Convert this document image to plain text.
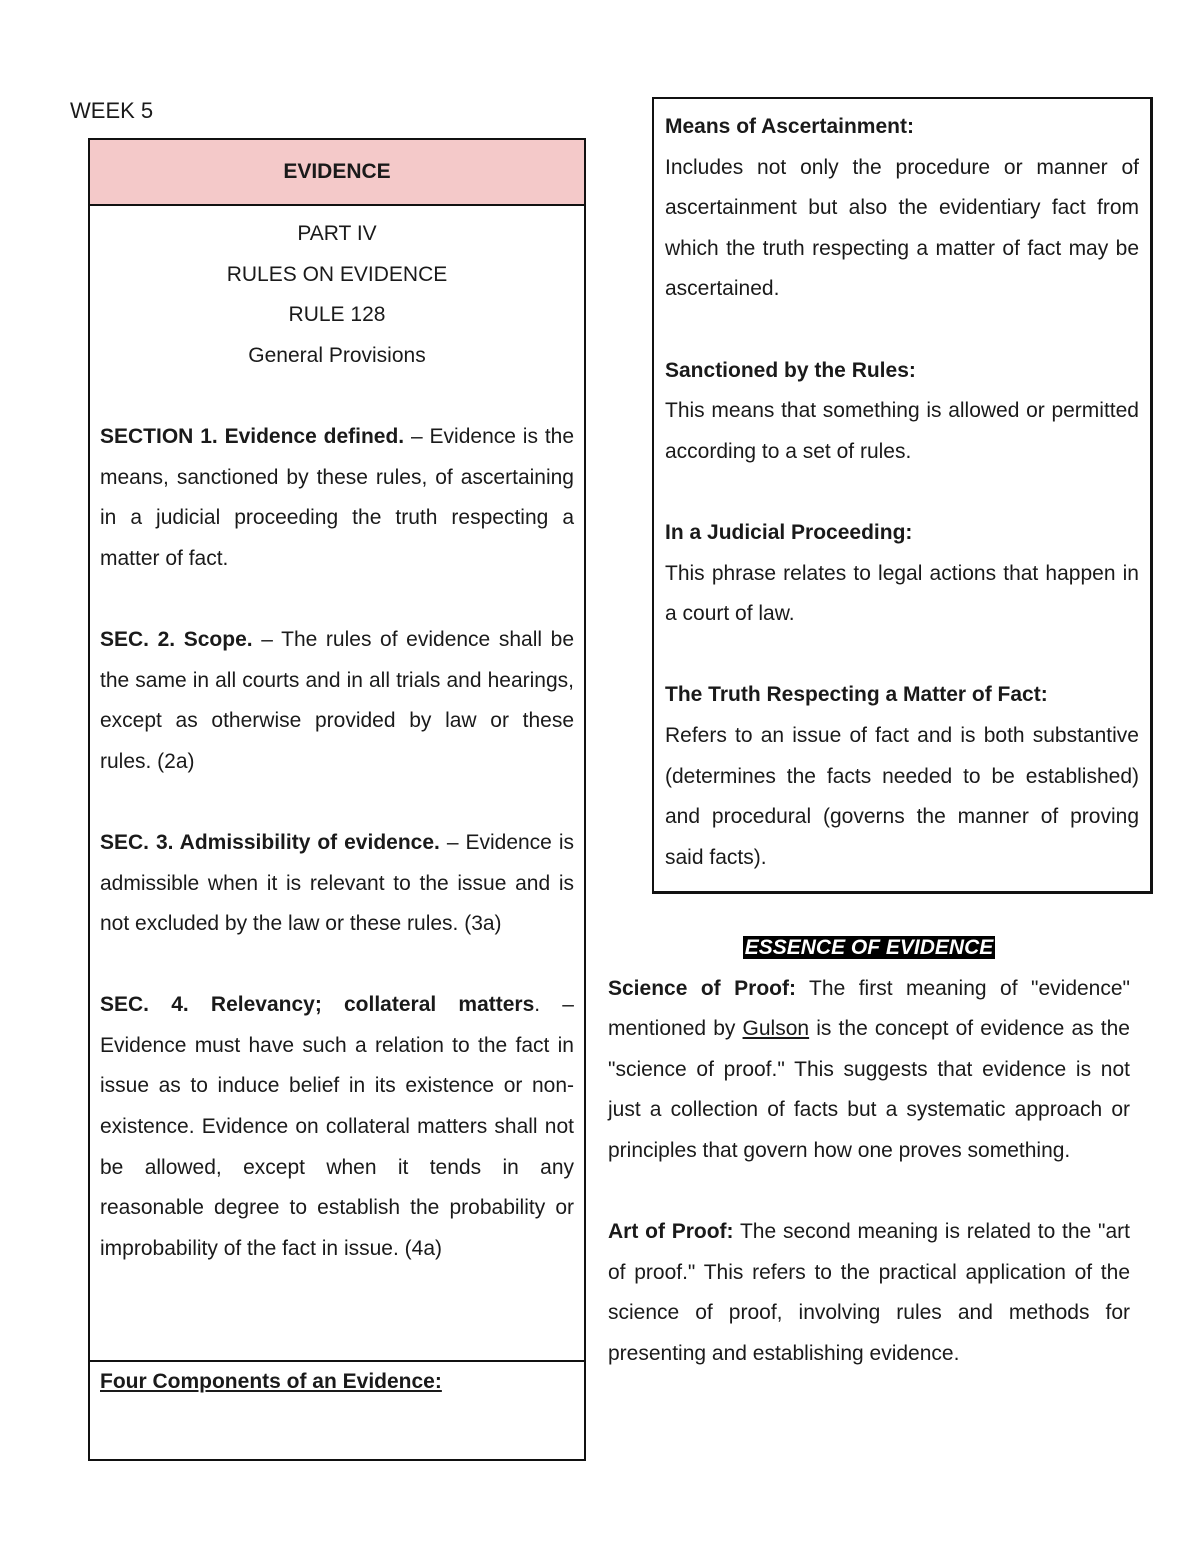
WEEK 5
EVIDENCE
PART IV
RULES ON EVIDENCE
RULE 128
General Provisions
SECTION 1. Evidence defined. – Evidence is the means, sanctioned by these rules, of ascertaining in a judicial proceeding the truth respecting a matter of fact.
SEC. 2. Scope. – The rules of evidence shall be the same in all courts and in all trials and hearings, except as otherwise provided by law or these rules. (2a)
SEC. 3. Admissibility of evidence. – Evidence is admissible when it is relevant to the issue and is not excluded by the law or these rules. (3a)
SEC. 4. Relevancy; collateral matters. – Evidence must have such a relation to the fact in issue as to induce belief in its existence or non-existence. Evidence on collateral matters shall not be allowed, except when it tends in any reasonable degree to establish the probability or improbability of the fact in issue. (4a)
Four Components of an Evidence:
Means of Ascertainment:
Includes not only the procedure or manner of ascertainment but also the evidentiary fact from which the truth respecting a matter of fact may be ascertained.
Sanctioned by the Rules:
This means that something is allowed or permitted according to a set of rules.
In a Judicial Proceeding:
This phrase relates to legal actions that happen in a court of law.
The Truth Respecting a Matter of Fact:
Refers to an issue of fact and is both substantive (determines the facts needed to be established) and procedural (governs the manner of proving said facts).
ESSENCE OF EVIDENCE
Science of Proof: The first meaning of "evidence" mentioned by Gulson is the concept of evidence as the "science of proof." This suggests that evidence is not just a collection of facts but a systematic approach or principles that govern how one proves something.
Art of Proof: The second meaning is related to the "art of proof." This refers to the practical application of the science of proof, involving rules and methods for presenting and establishing evidence.
